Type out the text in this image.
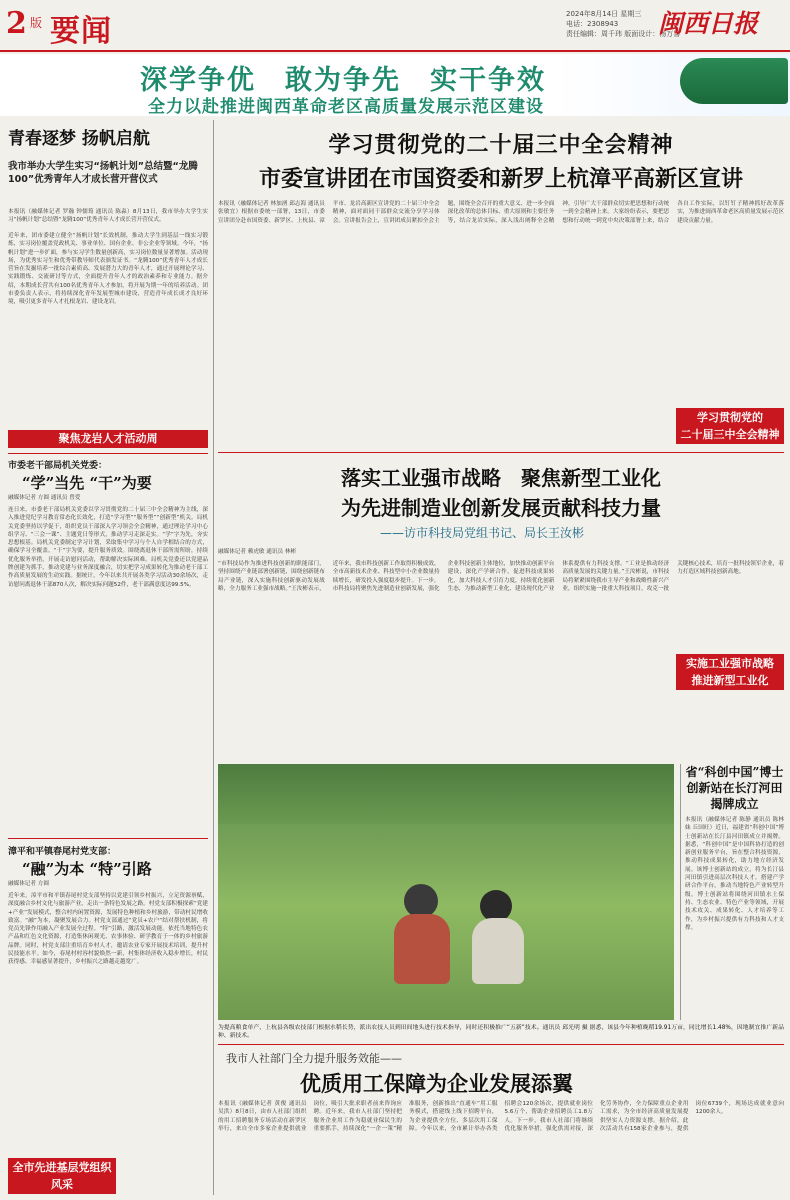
2 版 要闻	2024年8月14日 星期三
电话：2308943
责任编辑：周千玮 版面设计：杨万喜
闽西日报
深学争优　敢为争先　实干争效
全力以赴推进闽西革命老区高质量发展示范区建设
青春逐梦 扬帆启航
我市举办大学生实习“扬帆计划”总结暨“龙腾100”优秀青年人才成长营开营仪式
本报讯（融媒体记者 罗瀚 钟儒筠 通讯员 陈淼）8月13日，我市举办大学生实习“扬帆计划”总结暨“龙腾100”优秀青年人才成长营开营仪式。
近年来，团市委建立健全“扬帆计划”长效机制，推动大学生到基层一线实习锻炼，实习岗位覆盖党政机关、事业单位、国有企业、非公企业等领域。今年，“扬帆计划”进一步扩面，参与实习学生数量创新高，实习岗位数量显著增加。活动现场，为优秀实习生和优秀带教导师代表颁发证书。“龙腾100”优秀青年人才成长营旨在发掘培养一批综合素质高、发展潜力大的青年人才，通过开展理论学习、实践锻炼、交流研讨等方式，全面提升青年人才的政治素养和专业能力。据介绍，本期成长营共有100名优秀青年人才参加，将开展为期一年的培养活动。团市委负责人表示，将持续深化青年发展型城市建设，营造青年成长成才良好环境，吸引更多青年人才扎根龙岩、建设龙岩。
聚焦龙岩人才活动周
市委老干部局机关党委：
“学”当先 “干”为要
融媒体记者 方圆 通讯员 曾爱
连日来，市委老干部局机关党委以学习贯彻党的二十届三中全会精神为主线，深入推进党纪学习教育常态化长效化，打造“学习型”“服务型”“创新型”机关。局机关党委坚持以学促干，组织党员干部深入学习领会全会精神，通过理论学习中心组学习、“三会一课”、主题党日等形式，推动学习走深走实。“学”字为先，夯实思想根基。局机关党委制定学习计划，采取集中学习与个人自学相结合的方式，确保学习全覆盖。“干”字为要，提升服务质效。围绕离退休干部所需所盼，持续优化服务举措，开展走访慰问活动，帮助解决实际困难。局机关党委还以党建品牌创建为抓手，推动党建与业务深度融合，切实把学习成果转化为推动老干部工作高质量发展的生动实践。据统计，今年以来共开展各类学习活动30余场次，走访慰问离退休干部870人次，解决实际问题52件，老干部满意度达99.5%。
漳平和平镇春尾村党支部：
“融”为本 “特”引路
融媒体记者 方圆
近年来，漳平市和平镇春尾村党支部坚持以党建引领乡村振兴，立足资源禀赋，深度融合乡村文化与旅游产业，走出一条特色发展之路。村党支部积极探索“党建+产业”发展模式，整合村内闲置资源，发展特色种植和乡村旅游，带动村民增收致富。“融”为本，凝聚发展合力。村党支部通过“党员+农户”结对帮扶机制，将党员先锋作用融入产业发展全过程。“特”引路，激活发展动能。依托当地特色农产品和红色文化资源，打造集休闲观光、农事体验、研学教育于一体的乡村旅游品牌。同时，村党支部注重培育乡村人才，邀请农业专家开展技术培训，提升村民技能水平。如今，春尾村村容村貌焕然一新，村集体经济收入稳步增长，村民获得感、幸福感显著提升，乡村振兴之路越走越宽广。
全市先进基层党组织风采
学习贯彻党的二十届三中全会精神
市委宣讲团在市国资委和新罗上杭漳平高新区宣讲
本报讯（融媒体记者 林加湧 邱志海 通讯员 张敏宜）根据市委统一部署，13日，市委宣讲团分赴市国资委、新罗区、上杭县、漳平市、龙岩高新区宣讲党的二十届三中全会精神，面对面同干部群众交流分享学习体会。宣讲报告会上，宣讲团成员紧扣全会主题，围绕全会召开的重大意义、进一步全面深化改革的总体目标、重大原则和主要任务等，结合龙岩实际，深入浅出阐释全会精神，引导广大干部群众切实把思想和行动统一到全会精神上来。大家纷纷表示，要把思想和行动统一到党中央决策部署上来，结合各自工作实际，以钉钉子精神抓好改革落实，为推进闽西革命老区高质量发展示范区建设贡献力量。
学习贯彻党的
二十届三中全会精神
落实工业强市战略　聚焦新型工业化
为先进制造业创新发展贡献科技力量
——访市科技局党组书记、局长王汝彬
融媒体记者 赖虎敏 通讯员 林彬
“市科技局作为推进科技创新的职能部门，坚持围绕产业链部署创新链，围绕创新链布局产业链，深入实施科技创新驱动发展战略，全力服务工业强市战略。”王汝彬表示，近年来，我市科技创新工作取得积极成效，全市高新技术企业、科技型中小企业数量持续增长，研发投入强度稳步提升。下一步，市科技局将聚焦先进制造业创新发展，强化企业科技创新主体地位，加快推动创新平台建设，深化产学研合作，促进科技成果转化，加大科技人才引育力度，持续优化创新生态，为推动新型工业化、建设现代化产业体系提供有力科技支撑。“工业是推动经济高质量发展的关键力量。”王汝彬说，市科技局将紧紧围绕我市主导产业和战略性新兴产业，组织实施一批重大科技项目，攻克一批关键核心技术，培育一批科技领军企业，着力打造区域科技创新高地。
实施工业强市战略
推进新型工业化
为提高粮食单产，上杭县各级农技部门根据水稻长势，派出农技人员到田间地头进行技术指导，同时还积极推广“五新”技术。通讯员 邱光明 摄 据悉，该县今年种植晚稻19.91万亩，同比增长1.48%，因地制宜推广新品种、新技术。
省“科创中国”博士创新站在长汀河田揭牌成立
本报讯（融媒体记者 陈静 通讯员 陈林妹 丘国旺）近日，福建省“科创中国”博士创新站在长汀县河田镇成立并揭牌。据悉，“科创中国”是中国科协打造的创新创业服务平台，旨在整合科技资源，推动科技成果转化，助力地方经济发展。该博士创新站的成立，将为长汀县河田镇引进高层次科技人才，搭建产学研合作平台，推动当地特色产业转型升级。博士创新站将围绕河田镇水土保持、生态农业、特色产业等领域，开展技术攻关、成果转化、人才培养等工作，为乡村振兴提供有力科技和人才支撑。
我市人社部门全力提升服务效能——
优质用工保障为企业发展添翼
本报讯（融媒体记者 黄俊 通讯员 吴洪）8月8日，由市人社部门组织的用工招聘服务专场活动在新罗区举行，来自全市多家企业提供就业岗位，吸引大批求职者前来咨询应聘。近年来，我市人社部门坚持把服务企业用工作为稳就业保民生的重要抓手，持续深化“一企一策”精准服务，创新推出“直通车”用工服务模式，搭建线上线下招聘平台，为企业提供全方位、多层次用工保障。今年以来，全市累计举办各类招聘会120余场次，提供就业岗位5.6万个，帮助企业招聘员工1.8万人。下一步，我市人社部门将继续优化服务举措，强化供需对接，深化劳务协作，全力保障重点企业用工需求，为全市经济高质量发展提供坚实人力资源支撑。据介绍，此次活动共有158家企业参与，提供岗位6739个，现场达成就业意向1200余人。
